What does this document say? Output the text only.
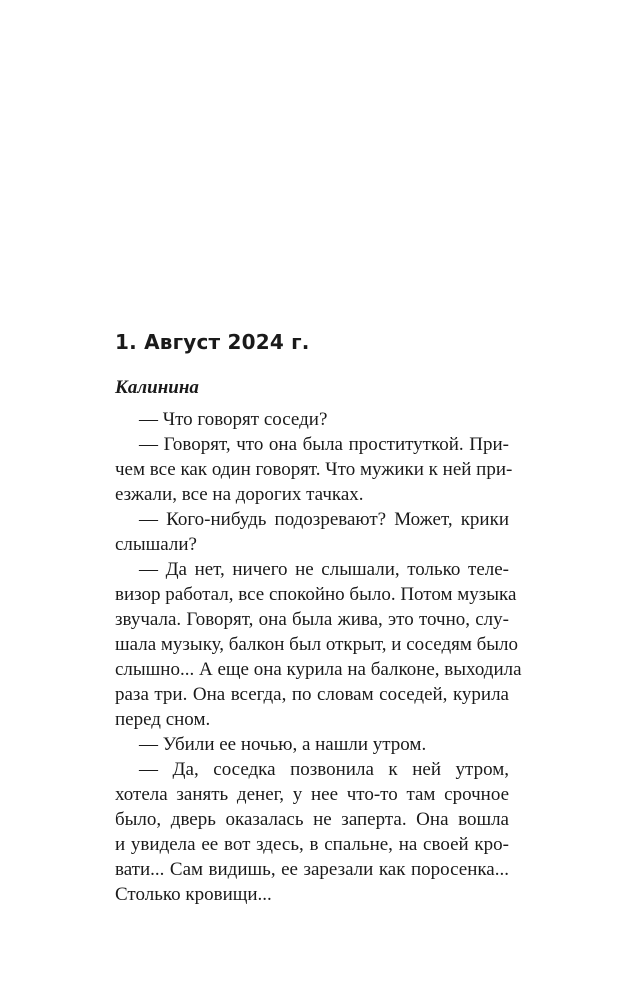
1. Август 2024 г.
Калинина
— Что говорят соседи?
— Говорят, что она была проституткой. При-
чем все как один говорят. Что мужики к ней при-
езжали, все на дорогих тачках.
— Кого-нибудь подозревают? Может, крики
слышали?
— Да нет, ничего не слышали, только теле-
визор работал, все спокойно было. Потом музыка
звучала. Говорят, она была жива, это точно, слу-
шала музыку, балкон был открыт, и соседям было
слышно... А еще она курила на балконе, выходила
раза три. Она всегда, по словам соседей, курила
перед сном.
— Убили ее ночью, а нашли утром.
— Да, соседка позвонила к ней утром,
хотела занять денег, у нее что-то там срочное
было, дверь оказалась не заперта. Она вошла
и увидела ее вот здесь, в спальне, на своей кро-
вати... Сам видишь, ее зарезали как поросенка...
Столько кровищи...
